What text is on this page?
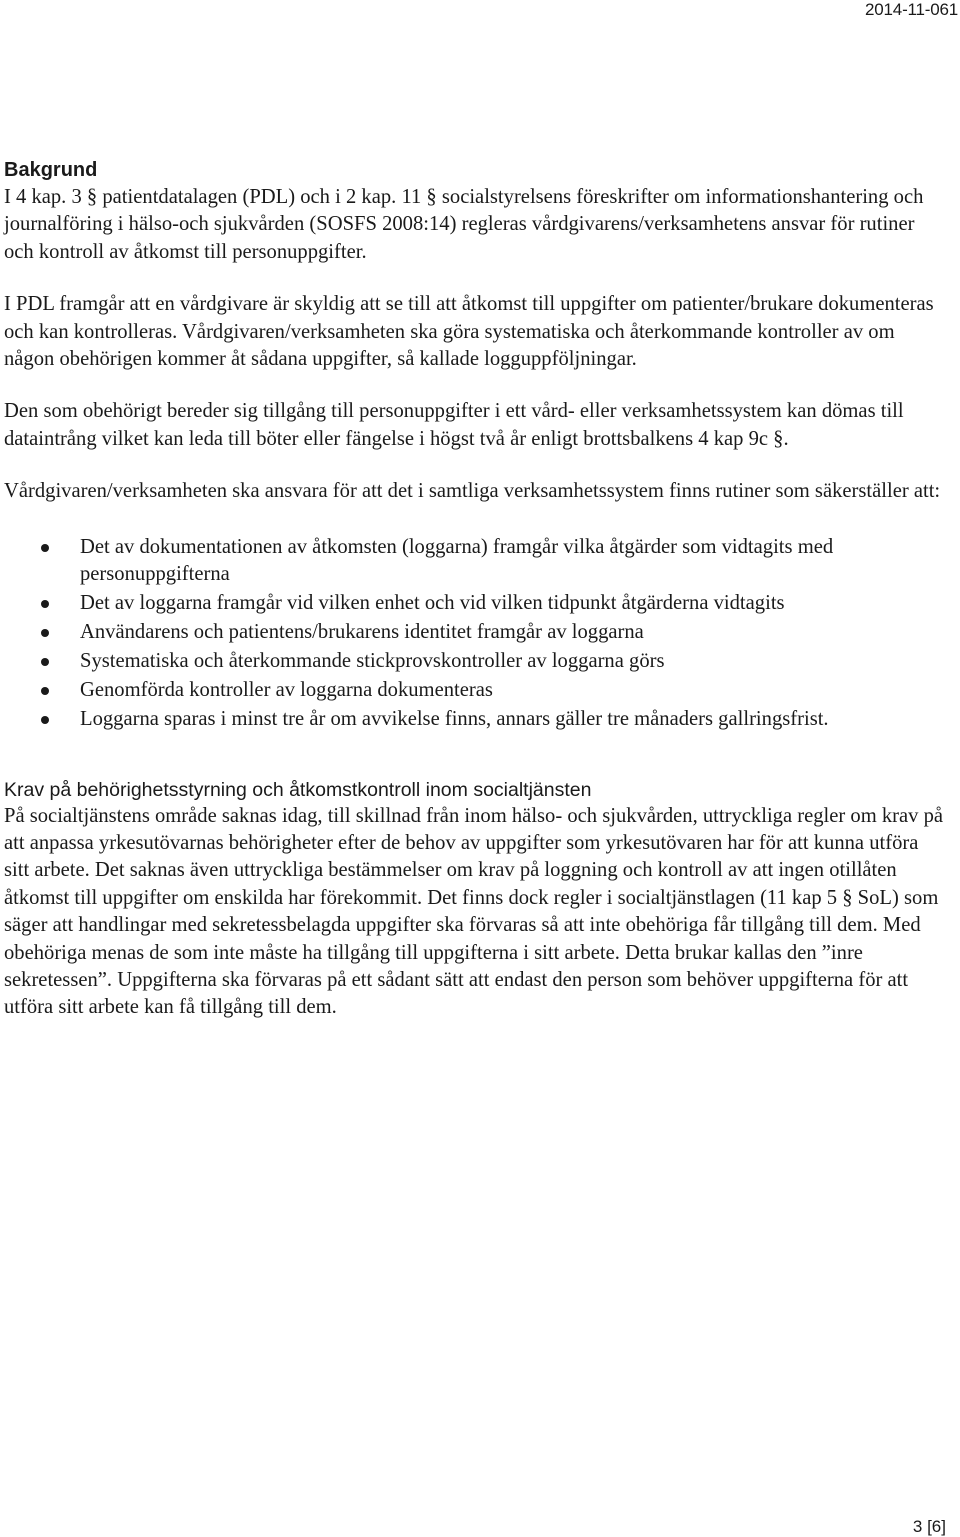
2014-11-061
Bakgrund

I 4 kap. 3 § patientdatalagen (PDL) och i 2 kap. 11 § socialstyrelsens föreskrifter om informationshantering och journalföring i hälso-och sjukvården (SOSFS 2008:14) regleras vårdgivarens/verksamhetens ansvar för rutiner och kontroll av åtkomst till personuppgifter.

I PDL framgår att en vårdgivare är skyldig att se till att åtkomst till uppgifter om patienter/brukare dokumenteras och kan kontrolleras. Vårdgivaren/verksamheten ska göra systematiska och återkommande kontroller av om någon obehörigen kommer åt sådana uppgifter, så kallade logguppföljningar.

Den som obehörigt bereder sig tillgång till personuppgifter i ett vård- eller verksamhetssystem kan dömas till dataintrång vilket kan leda till böter eller fängelse i högst två år enligt brottsbalkens 4 kap 9c §.

Vårdgivaren/verksamheten ska ansvara för att det i samtliga verksamhetssystem finns rutiner som säkerställer att:

Det av dokumentationen av åtkomsten (loggarna) framgår vilka åtgärder som vidtagits med personuppgifterna
Det av loggarna framgår vid vilken enhet och vid vilken tidpunkt åtgärderna vidtagits
Användarens och patientens/brukarens identitet framgår av loggarna
Systematiska och återkommande stickprovskontroller av loggarna görs
Genomförda kontroller av loggarna dokumenteras
Loggarna sparas i minst tre år om avvikelse finns, annars gäller tre månaders gallringsfrist.
Krav på behörighetsstyrning och åtkomstkontroll inom socialtjänsten

På socialtjänstens område saknas idag, till skillnad från inom hälso- och sjukvården, uttryckliga regler om krav på att anpassa yrkesutövarnas behörigheter efter de behov av uppgifter som yrkesutövaren har för att kunna utföra sitt arbete. Det saknas även uttryckliga bestämmelser om krav på loggning och kontroll av att ingen otillåten åtkomst till uppgifter om enskilda har förekommit. Det finns dock regler i socialtjänstlagen (11 kap 5 § SoL) som säger att handlingar med sekretessbelagda uppgifter ska förvaras så att inte obehöriga får tillgång till dem. Med obehöriga menas de som inte måste ha tillgång till uppgifterna i sitt arbete. Detta brukar kallas den ”inre sekretessen”. Uppgifterna ska förvaras på ett sådant sätt att endast den person som behöver uppgifterna för att utföra sitt arbete kan få tillgång till dem.

3 [6]
